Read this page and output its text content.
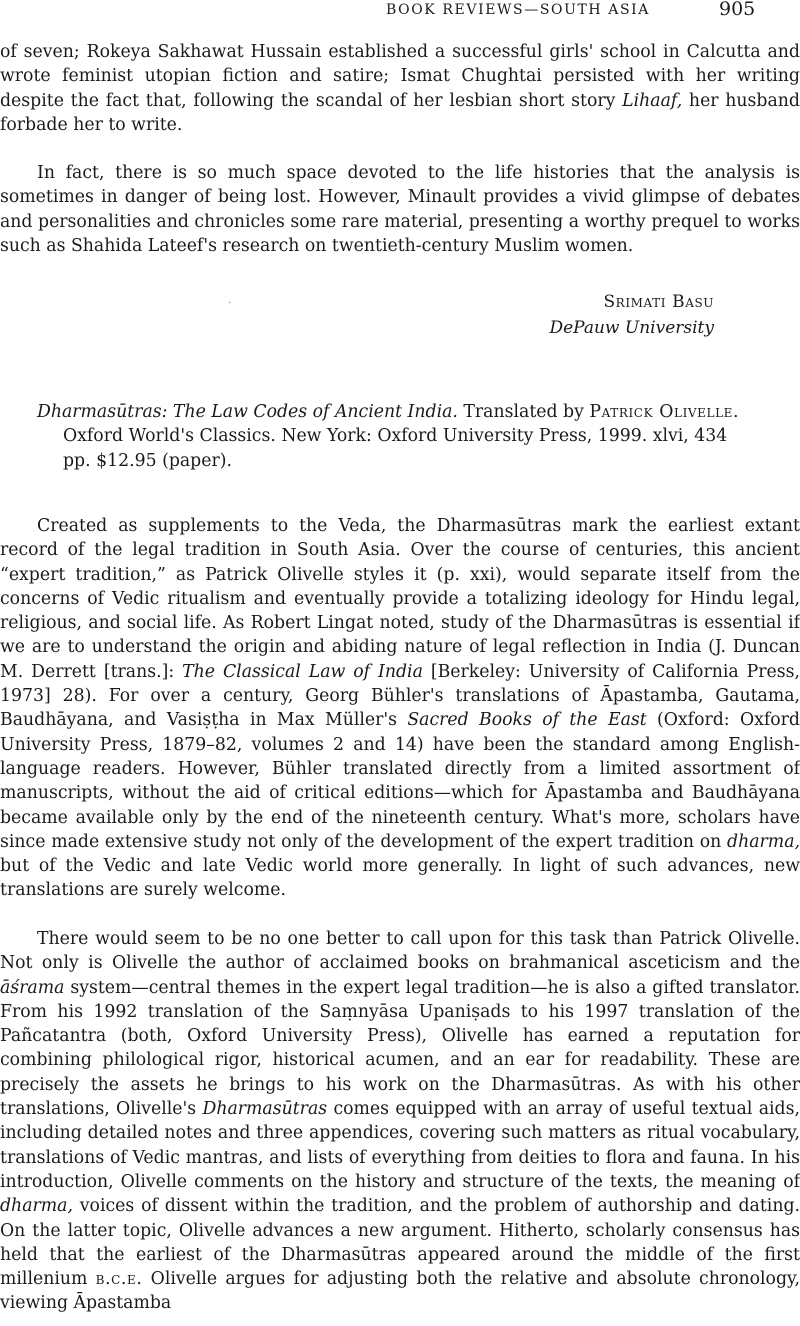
BOOK REVIEWS—SOUTH ASIA	905

of seven; Rokeya Sakhawat Hussain established a successful girls' school in Calcutta and wrote feminist utopian fiction and satire; Ismat Chughtai persisted with her writing despite the fact that, following the scandal of her lesbian short story Lihaaf, her husband forbade her to write.

In fact, there is so much space devoted to the life histories that the analysis is sometimes in danger of being lost. However, Minault provides a vivid glimpse of debates and personalities and chronicles some rare material, presenting a worthy prequel to works such as Shahida Lateef's research on twentieth-century Muslim women.

·	Srimati Basu
DePauw University

Dharmasūtras: The Law Codes of Ancient India. Translated by Patrick Olivelle. Oxford World's Classics. New York: Oxford University Press, 1999. xlvi, 434 pp. $12.95 (paper).

Created as supplements to the Veda, the Dharmasūtras mark the earliest extant record of the legal tradition in South Asia. Over the course of centuries, this ancient “expert tradition,” as Patrick Olivelle styles it (p. xxi), would separate itself from the concerns of Vedic ritualism and eventually provide a totalizing ideology for Hindu legal, religious, and social life. As Robert Lingat noted, study of the Dharmasūtras is essential if we are to understand the origin and abiding nature of legal reflection in India (J. Duncan M. Derrett [trans.]: The Classical Law of India [Berkeley: University of California Press, 1973] 28). For over a century, Georg Bühler's translations of Āpastamba, Gautama, Baudhāyana, and Vasiṣṭha in Max Müller's Sacred Books of the East (Oxford: Oxford University Press, 1879–82, volumes 2 and 14) have been the standard among English-language readers. However, Bühler translated directly from a limited assortment of manuscripts, without the aid of critical editions—which for Āpastamba and Baudhāyana became available only by the end of the nineteenth century. What's more, scholars have since made extensive study not only of the development of the expert tradition on dharma, but of the Vedic and late Vedic world more generally. In light of such advances, new translations are surely welcome.

There would seem to be no one better to call upon for this task than Patrick Olivelle. Not only is Olivelle the author of acclaimed books on brahmanical asceticism and the āśrama system—central themes in the expert legal tradition—he is also a gifted translator. From his 1992 translation of the Saṃnyāsa Upaniṣads to his 1997 translation of the Pañcatantra (both, Oxford University Press), Olivelle has earned a reputation for combining philological rigor, historical acumen, and an ear for readability. These are precisely the assets he brings to his work on the Dharmasūtras. As with his other translations, Olivelle's Dharmasūtras comes equipped with an array of useful textual aids, including detailed notes and three appendices, covering such matters as ritual vocabulary, translations of Vedic mantras, and lists of everything from deities to flora and fauna. In his introduction, Olivelle comments on the history and structure of the texts, the meaning of dharma, voices of dissent within the tradition, and the problem of authorship and dating. On the latter topic, Olivelle advances a new argument. Hitherto, scholarly consensus has held that the earliest of the Dharmasūtras appeared around the middle of the first millenium b.c.e. Olivelle argues for adjusting both the relative and absolute chronology, viewing Āpastamba
